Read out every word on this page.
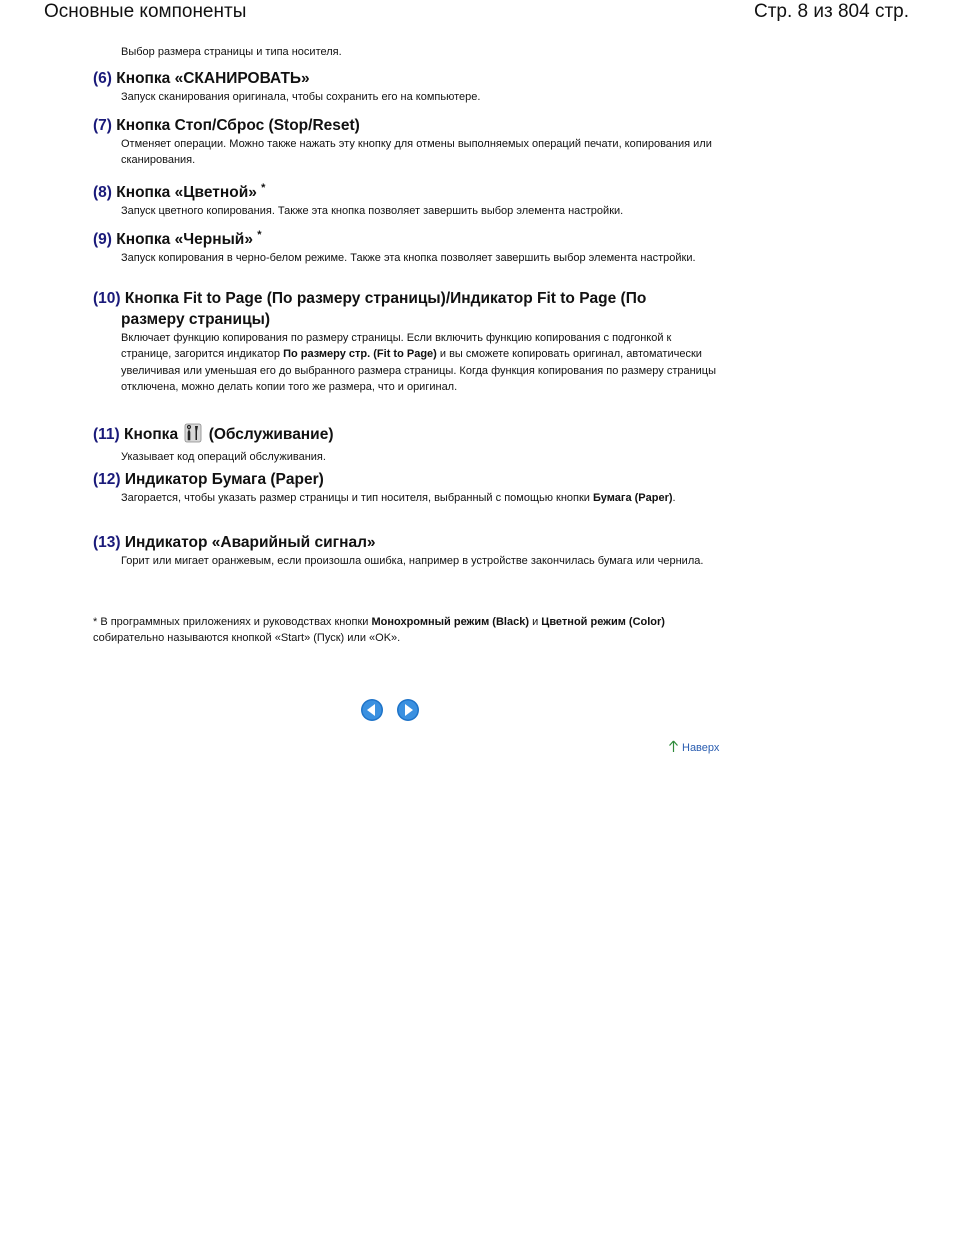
Основные компоненты	Стр. 8 из 804 стр.
Выбор размера страницы и типа носителя.
(6) Кнопка «СКАНИРОВАТЬ»
Запуск сканирования оригинала, чтобы сохранить его на компьютере.
(7) Кнопка Стоп/Сброс (Stop/Reset)
Отменяет операции. Можно также нажать эту кнопку для отмены выполняемых операций печати, копирования или сканирования.
(8) Кнопка «Цветной» *
Запуск цветного копирования. Также эта кнопка позволяет завершить выбор элемента настройки.
(9) Кнопка «Черный» *
Запуск копирования в черно-белом режиме. Также эта кнопка позволяет завершить выбор элемента настройки.
(10) Кнопка Fit to Page (По размеру страницы)/Индикатор Fit to Page (По
размеру страницы)
Включает функцию копирования по размеру страницы. Если включить функцию копирования с подгонкой к странице, загорится индикатор По размеру стр. (Fit to Page) и вы сможете копировать оригинал, автоматически увеличивая или уменьшая его до выбранного размера страницы. Когда функция копирования по размеру страницы отключена, можно делать копии того же размера, что и оригинал.
(11) Кнопка (Обслуживание)
Указывает код операций обслуживания.
(12) Индикатор Бумага (Paper)
Загорается, чтобы указать размер страницы и тип носителя, выбранный с помощью кнопки Бумага (Paper).
(13) Индикатор «Аварийный сигнал»
Горит или мигает оранжевым, если произошла ошибка, например в устройстве закончилась бумага или чернила.
* В программных приложениях и руководствах кнопки Монохромный режим (Black) и Цветной режим (Color) собирательно называются кнопкой «Start» (Пуск) или «OK».
Наверх
